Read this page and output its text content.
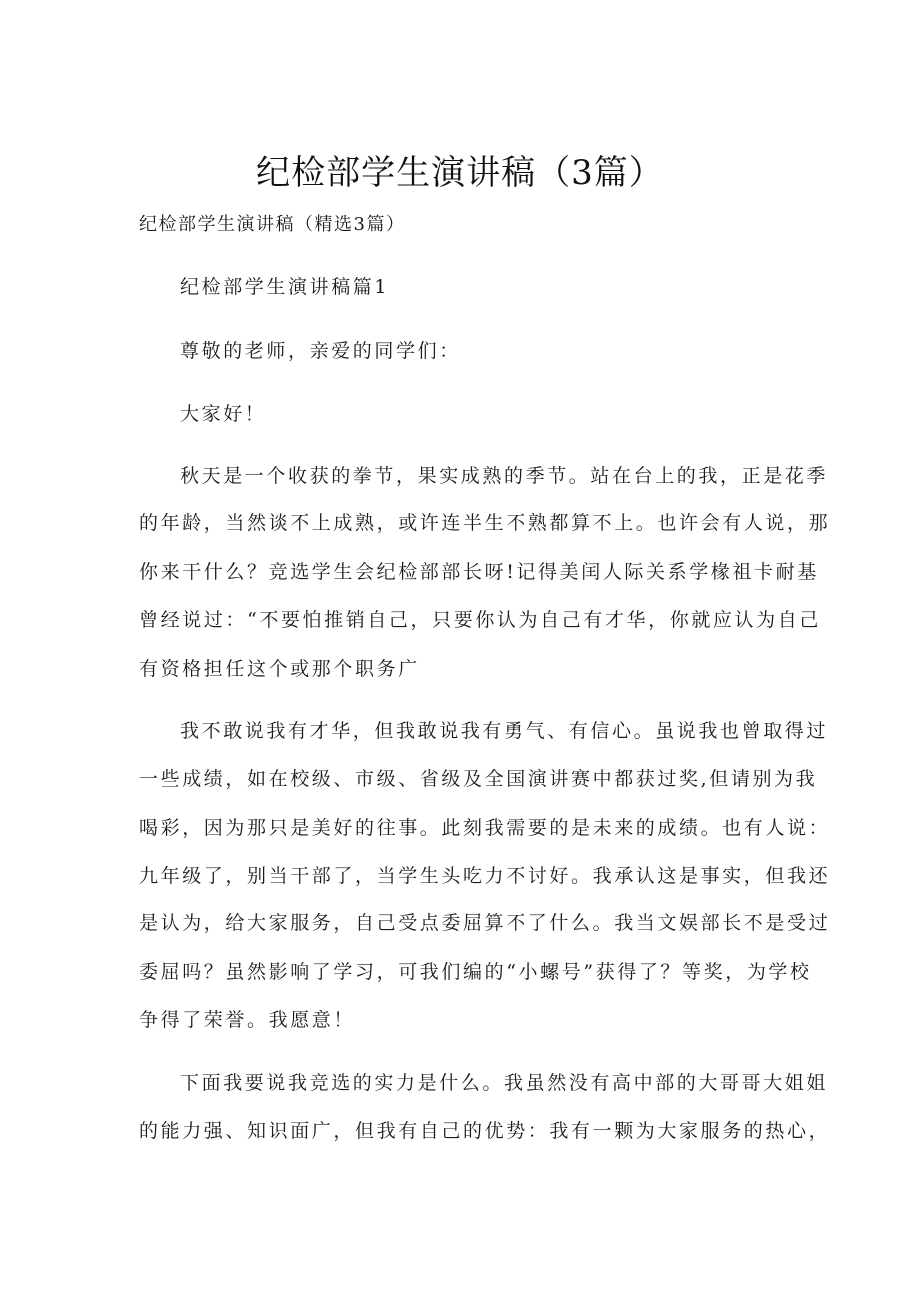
纪检部学生演讲稿（3篇）
纪检部学生演讲稿（精选3篇）
纪检部学生演讲稿篇1
尊敬的老师，亲爱的同学们：
大家好！
秋天是一个收获的拳节，果实成熟的季节。站在台上的我，正是花季
的年龄，当然谈不上成熟，或许连半生不熟都算不上。也许会有人说，那
你来干什么？竞选学生会纪检部部长呀!记得美闰人际关系学椽祖卡耐基
曾经说过：“不要怕推销自己，只要你认为自己有才华，你就应认为自己
有资格担任这个或那个职务广
我不敢说我有才华，但我敢说我有勇气、有信心。虽说我也曾取得过
一些成绩，如在校级、市级、省级及全国演讲赛中都获过奖,但请别为我
喝彩，因为那只是美好的往事。此刻我需要的是未来的成绩。也有人说：
九年级了，别当干部了，当学生头吃力不讨好。我承认这是事实，但我还
是认为，给大家服务，自己受点委屈算不了什么。我当文娱部长不是受过
委屈吗？虽然影响了学习，可我们编的“小螺号”获得了？等奖，为学校
争得了荣誉。我愿意！
下面我要说我竞选的实力是什么。我虽然没有高中部的大哥哥大姐姐
的能力强、知识面广，但我有自己的优势：我有一颗为大家服务的热心，
